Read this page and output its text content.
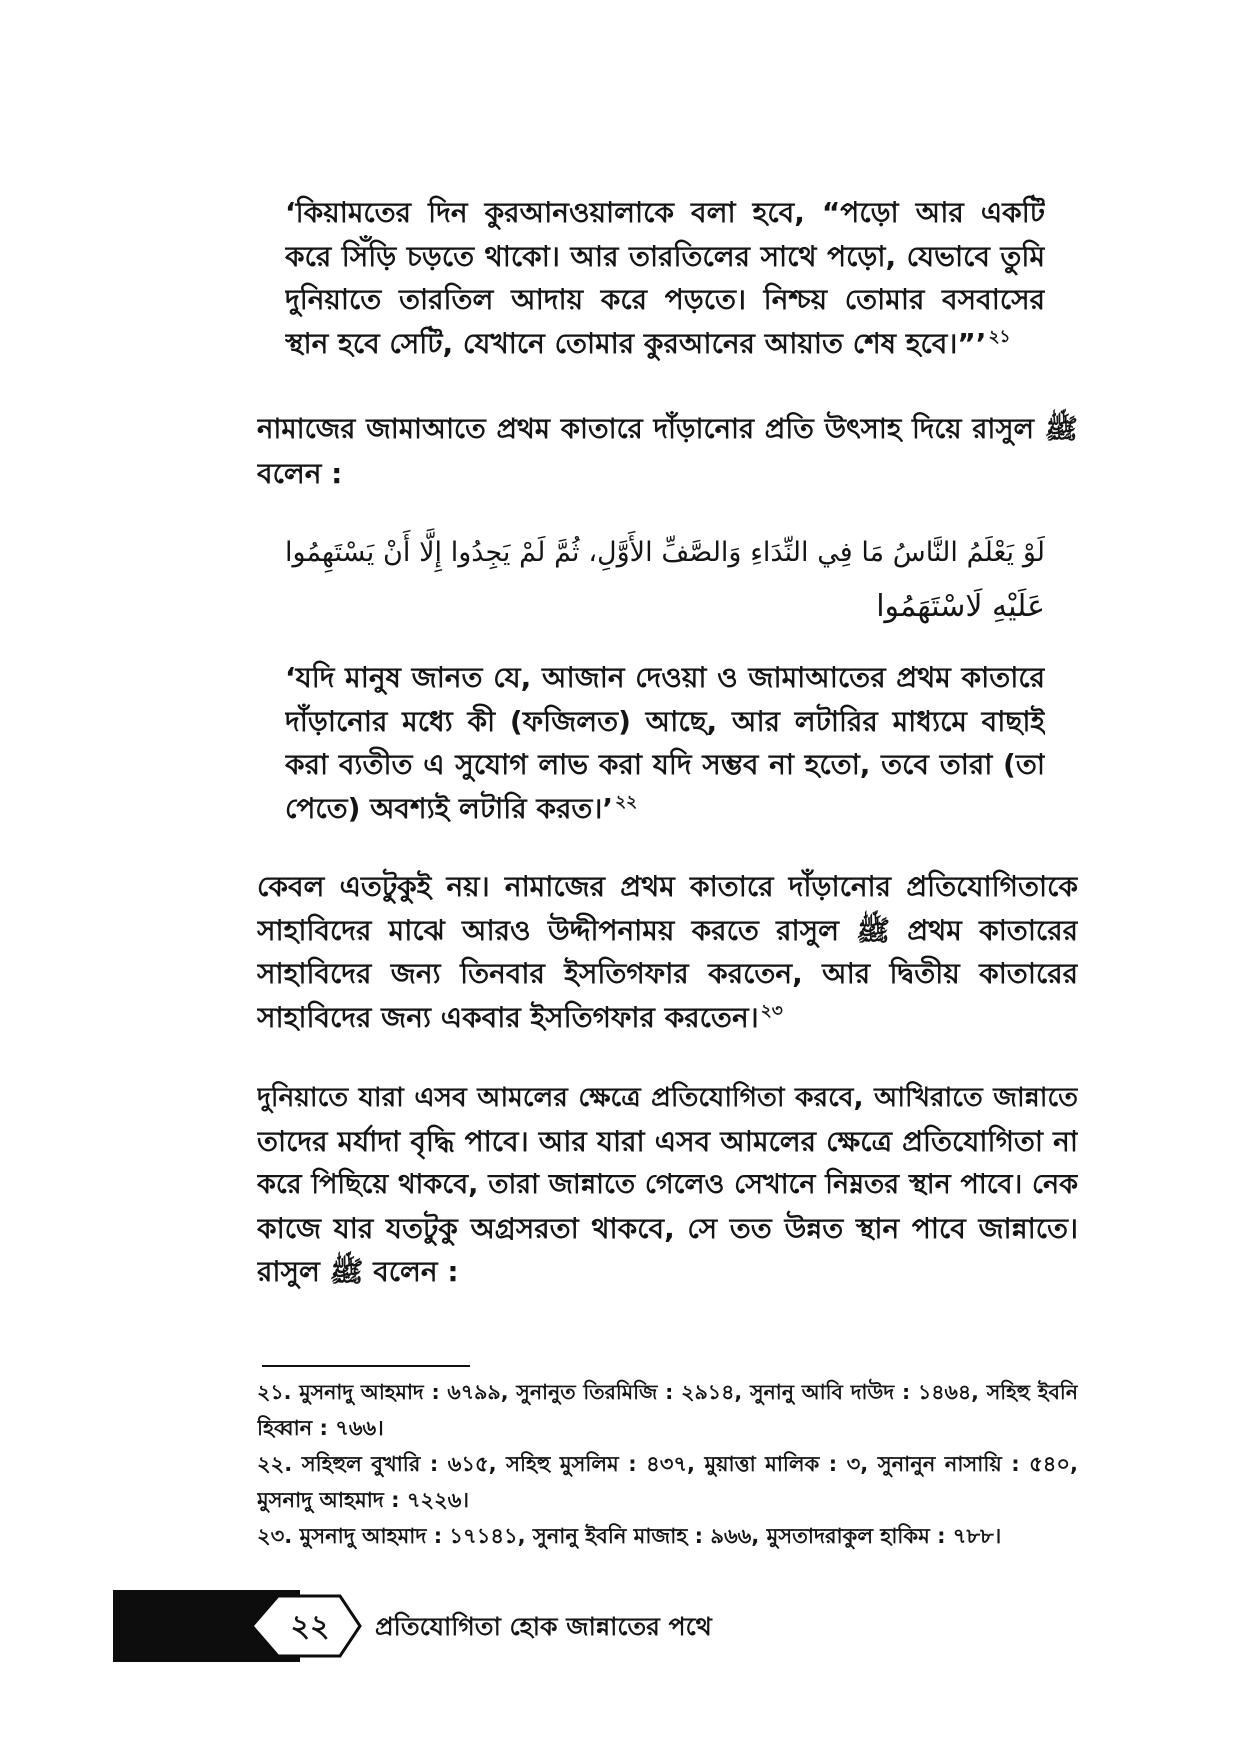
‘কিয়ামতের দিন কুরআনওয়ালাকে বলা হবে, “পড়ো আর একটি
করে সিঁড়ি চড়তে থাকো। আর তারতিলের সাথে পড়ো, যেভাবে তুমি
দুনিয়াতে তারতিল আদায় করে পড়তে। নিশ্চয় তোমার বসবাসের
স্থান হবে সেটি, যেখানে তোমার কুরআনের আয়াত শেষ হবে।”’ $^{২১}$
নামাজের জামাআতে প্রথম কাতারে দাঁড়ানোর প্রতি উৎসাহ দিয়ে রাসুল ﷺ
বলেন :
لَوْ يَعْلَمُ النَّاسُ مَا فِي النِّدَاءِ وَالصَّفِّ الأَوَّلِ، ثُمَّ لَمْ يَجِدُوا إِلَّا أَنْ يَسْتَهِمُوا
عَلَيْهِ لَاسْتَهَمُوا
‘যদি মানুষ জানত যে, আজান দেওয়া ও জামাআতের প্রথম কাতারে
দাঁড়ানোর মধ্যে কী (ফজিলত) আছে, আর লটারির মাধ্যমে বাছাই
করা ব্যতীত এ সুযোগ লাভ করা যদি সম্ভব না হতো, তবে তারা (তা
পেতে) অবশ্যই লটারি করত।’ $^{২২}$
কেবল এতটুকুই নয়। নামাজের প্রথম কাতারে দাঁড়ানোর প্রতিযোগিতাকে
সাহাবিদের মাঝে আরও উদ্দীপনাময় করতে রাসুল ﷺ প্রথম কাতারের
সাহাবিদের জন্য তিনবার ইসতিগফার করতেন, আর দ্বিতীয় কাতারের
সাহাবিদের জন্য একবার ইসতিগফার করতেন। $^{২৩}$
দুনিয়াতে যারা এসব আমলের ক্ষেত্রে প্রতিযোগিতা করবে, আখিরাতে জান্নাতে
তাদের মর্যাদা বৃদ্ধি পাবে। আর যারা এসব আমলের ক্ষেত্রে প্রতিযোগিতা না
করে পিছিয়ে থাকবে, তারা জান্নাতে গেলেও সেখানে নিম্নতর স্থান পাবে। নেক
কাজে যার যতটুকু অগ্রসরতা থাকবে, সে তত উন্নত স্থান পাবে জান্নাতে।
রাসুল ﷺ বলেন :
২১. মুসনাদু আহমাদ : ৬৭৯৯, সুনানুত তিরমিজি : ২৯১৪, সুনানু আবি দাউদ : ১৪৬৪, সহিহু ইবনি
হিব্বান : ৭৬৬।
২২. সহিহুল বুখারি : ৬১৫, সহিহু মুসলিম : ৪৩৭, মুয়াত্তা মালিক : ৩, সুনানুন নাসায়ি : ৫৪০,
মুসনাদু আহমাদ : ৭২২৬।
২৩. মুসনাদু আহমাদ : ১৭১৪১, সুনানু ইবনি মাজাহ : ৯৬৬, মুসতাদরাকুল হাকিম : ৭৮৮।
২২	প্রতিযোগিতা হোক জান্নাতের পথে
